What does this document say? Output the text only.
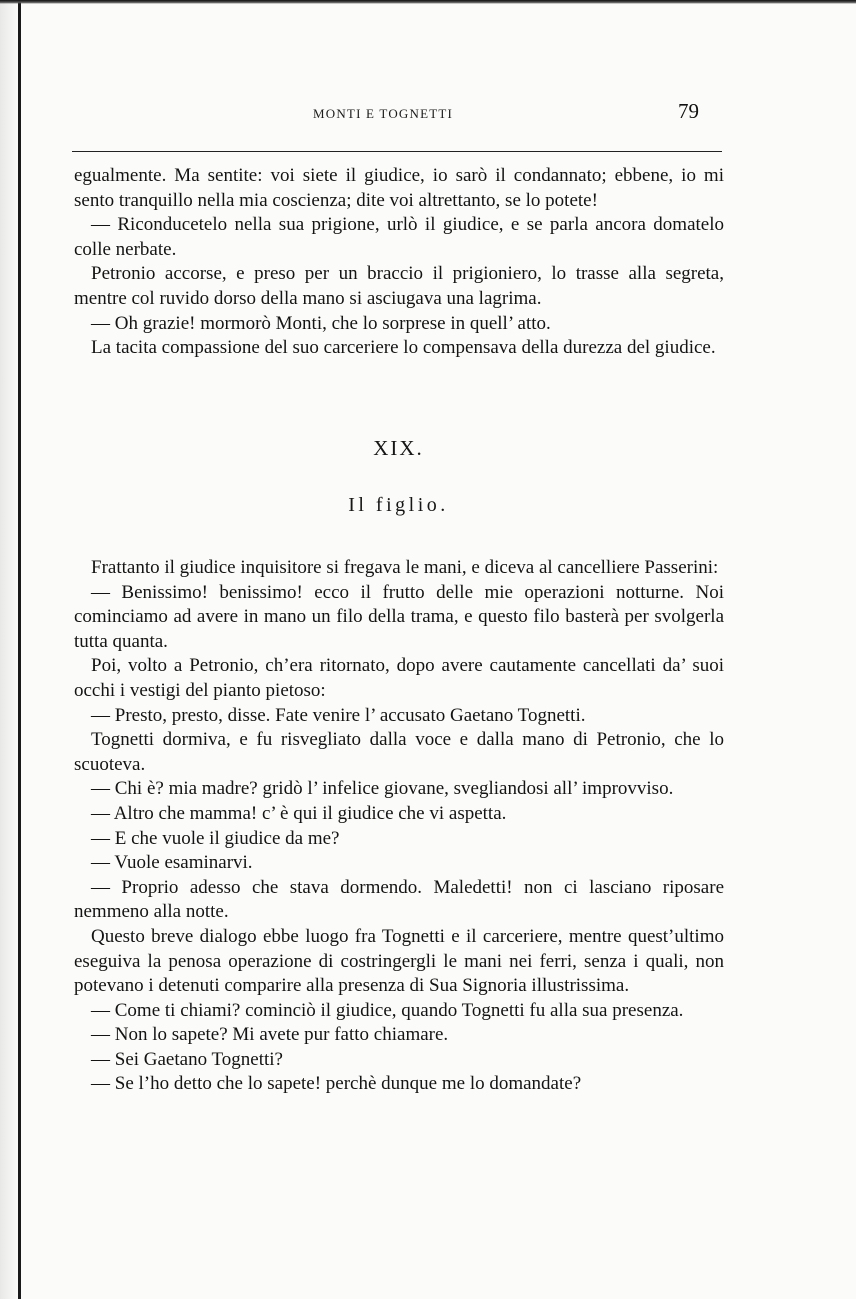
MONTI E TOGNETTI	79

egualmente. Ma sentite: voi siete il giudice, io sarò il condannato; ebbene, io mi sento tranquillo nella mia coscienza; dite voi altrettanto, se lo potete!

— Riconducetelo nella sua prigione, urlò il giudice, e se parla ancora domatelo colle nerbate.

Petronio accorse, e preso per un braccio il prigioniero, lo trasse alla segreta, mentre col ruvido dorso della mano si asciugava una lagrima.

— Oh grazie! mormorò Monti, che lo sorprese in quell’ atto.

La tacita compassione del suo carceriere lo compensava della durezza del giudice.

XIX.
Il figlio.

Frattanto il giudice inquisitore si fregava le mani, e diceva al cancelliere Passerini:

— Benissimo! benissimo! ecco il frutto delle mie operazioni notturne. Noi cominciamo ad avere in mano un filo della trama, e questo filo basterà per svolgerla tutta quanta.

Poi, volto a Petronio, ch’era ritornato, dopo avere cautamente cancellati da’ suoi occhi i vestigi del pianto pietoso:

— Presto, presto, disse. Fate venire l’ accusato Gaetano Tognetti.

Tognetti dormiva, e fu risvegliato dalla voce e dalla mano di Petronio, che lo scuoteva.

— Chi è? mia madre? gridò l’ infelice giovane, svegliandosi all’ improvviso.

— Altro che mamma! c’ è qui il giudice che vi aspetta.

— E che vuole il giudice da me?

— Vuole esaminarvi.

— Proprio adesso che stava dormendo. Maledetti! non ci lasciano riposare nemmeno alla notte.

Questo breve dialogo ebbe luogo fra Tognetti e il carceriere, mentre quest’ultimo eseguiva la penosa operazione di costringergli le mani nei ferri, senza i quali, non potevano i detenuti comparire alla presenza di Sua Signoria illustrissima.

— Come ti chiami? cominciò il giudice, quando Tognetti fu alla sua presenza.

— Non lo sapete? Mi avete pur fatto chiamare.

— Sei Gaetano Tognetti?

— Se l’ho detto che lo sapete! perchè dunque me lo domandate?
